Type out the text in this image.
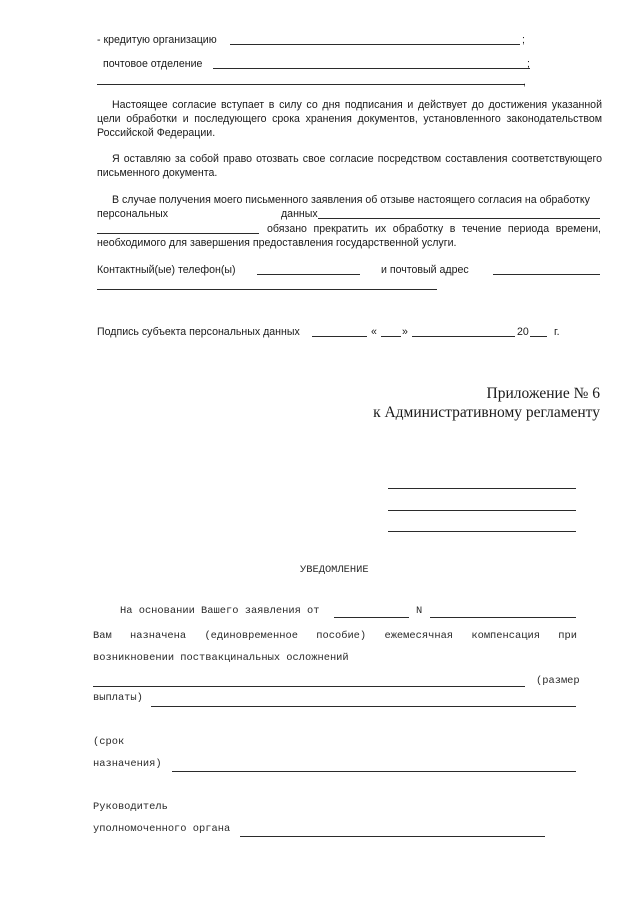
- кредитую организацию	;
почтовое отделение	;
,
Настоящее согласие вступает в силу со дня подписания и действует до достижения указанной цели обработки и последующего срока хранения документов, установленного законодательством Российской Федерации.
Я оставляю за собой право отозвать свое согласие посредством составления соответствующего письменного документа.
В случае получения моего письменного заявления об отзыве настоящего согласия на обработку
персональных	данных
обязано прекратить их обработку в течение периода времени,
необходимого для завершения предоставления государственной услуги.
Контактный(ые) телефон(ы)	и почтовый адрес
Подпись субъекта персональных данных	« »	20 г.
Приложение № 6
к Административному регламенту
УВЕДОМЛЕНИЕ
На основании Вашего заявления от	N
Вам назначена (единовременное пособие) ежемесячная компенсация при
возникновении поствакцинальных осложнений
(размер
выплаты)
(срок
назначения)
Руководитель
уполномоченного органа
